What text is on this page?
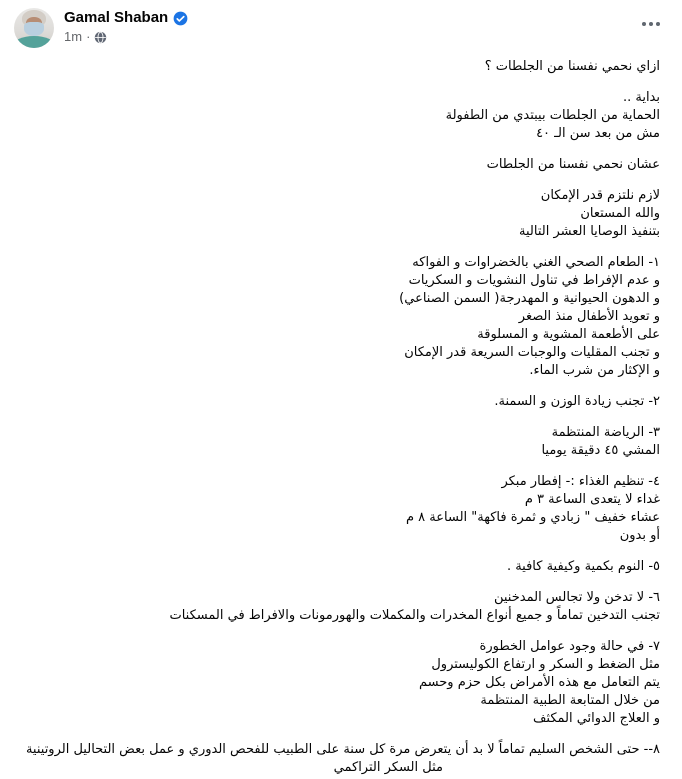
Gamal Shaban
1m ·
ازاي نحمي نفسنا من الجلطات ؟
بداية ..
الحماية من الجلطات بيبتدي من الطفولة
مش من بعد سن الـ ٤٠
عشان نحمي نفسنا من الجلطات
لازم نلتزم قدر الإمكان
والله المستعان
بتنفيذ الوصايا العشر التالية
١- الطعام الصحي الغني بالخضراوات و الفواكه
و عدم الإفراط في تناول النشويات و السكريات
و الدهون الحيوانية و المهدرجة( السمن الصناعي)
و تعويد الأطفال منذ الصغر
على الأطعمة المشوية و المسلوقة
و تجنب المقليات والوجبات السريعة قدر الإمكان
و الإكثار من شرب الماء.
٢- تجنب زيادة الوزن و السمنة.
٣- الرياضة المنتظمة
المشي ٤٥ دقيقة يوميا
٤- تنظيم الغذاء :- إفطار مبكر
غداء لا يتعدى الساعة ٣ م
عشاء خفيف " زبادي و ثمرة فاكهة" الساعة ٨ م
أو بدون
٥- النوم بكمية وكيفية كافية .
٦- لا تدخن ولا تجالس المدخنين
تجنب التدخين تماماً و جميع أنواع المخدرات والمكملات والهورمونات والافراط في المسكنات
٧- في حالة وجود عوامل الخطورة
مثل الضغط و السكر و ارتفاع الكوليسترول
يتم التعامل مع هذه الأمراض بكل حزم وحسم
من خلال المتابعة الطبية المنتظمة
و العلاج الدوائي المكثف
٨-- حتى الشخص السليم تماماً لا بد أن يتعرض مرة كل سنة على الطبيب للفحص الدوري و عمل بعض التحاليل الروتينية
مثل السكر التراكمي
